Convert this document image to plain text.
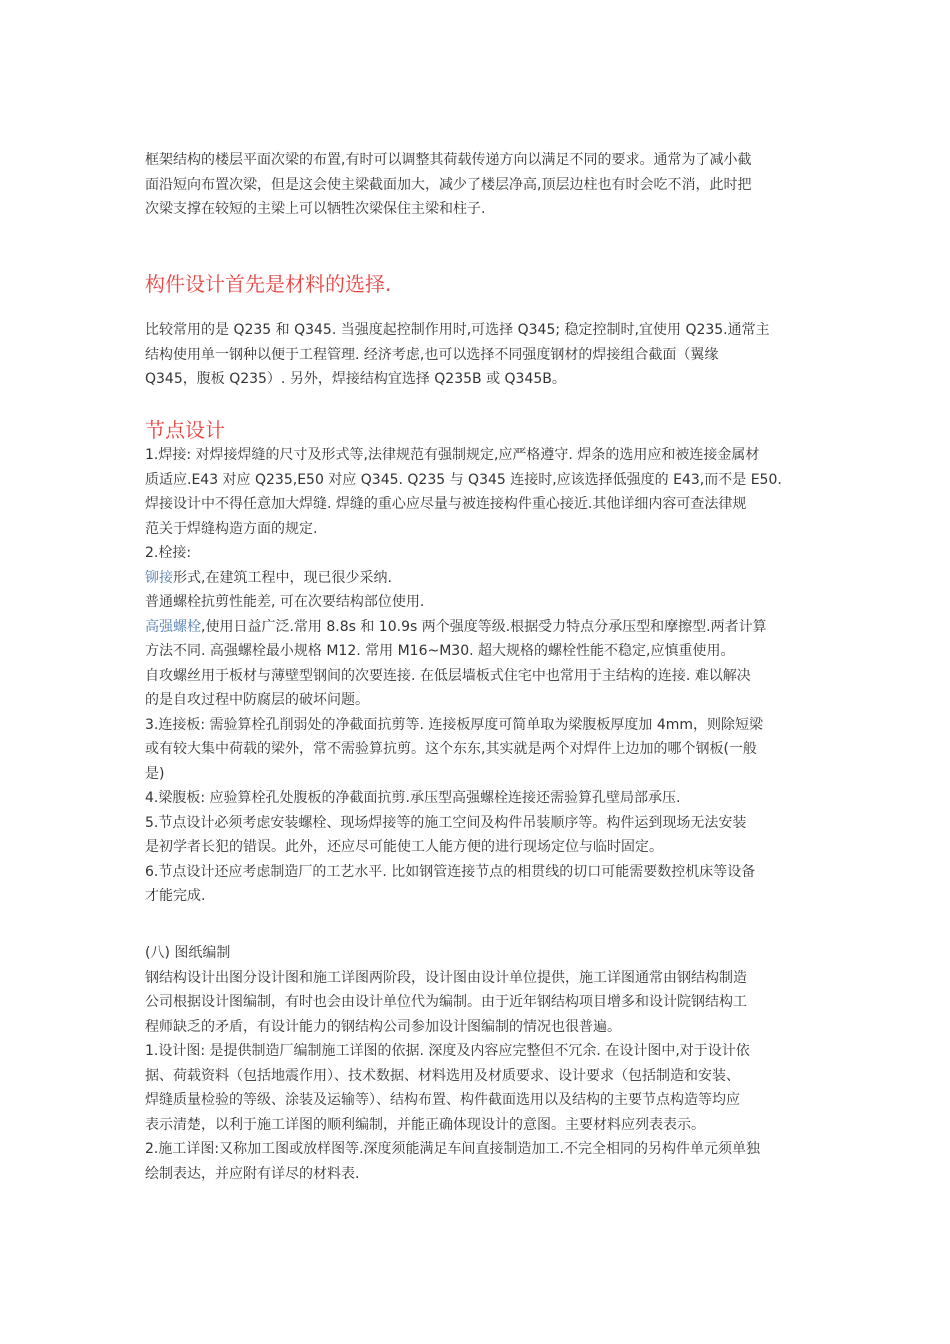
框架结构的楼层平面次梁的布置,有时可以调整其荷载传递方向以满足不同的要求。通常为了减小截
面沿短向布置次梁，但是这会使主梁截面加大，减少了楼层净高,顶层边柱也有时会吃不消，此时把
次梁支撑在较短的主梁上可以牺牲次梁保住主梁和柱子.
构件设计首先是材料的选择.
比较常用的是 Q235 和 Q345. 当强度起控制作用时,可选择 Q345; 稳定控制时,宜使用 Q235.通常主
结构使用单一钢种以便于工程管理. 经济考虑,也可以选择不同强度钢材的焊接组合截面（翼缘
Q345，腹板 Q235）. 另外，焊接结构宜选择 Q235B 或 Q345B。
节点设计
1.焊接: 对焊接焊缝的尺寸及形式等,法律规范有强制规定,应严格遵守. 焊条的选用应和被连接金属材
质适应.E43 对应 Q235,E50 对应 Q345. Q235 与 Q345 连接时,应该选择低强度的 E43,而不是 E50.
焊接设计中不得任意加大焊缝. 焊缝的重心应尽量与被连接构件重心接近.其他详细内容可查法律规
范关于焊缝构造方面的规定.
2.栓接:
铆接形式,在建筑工程中，现已很少采纳.
普通螺栓抗剪性能差, 可在次要结构部位使用.
高强螺栓,使用日益广泛.常用 8.8s 和 10.9s 两个强度等级.根据受力特点分承压型和摩擦型.两者计算
方法不同. 高强螺栓最小规格 M12. 常用 M16~M30. 超大规格的螺栓性能不稳定,应慎重使用。
自攻螺丝用于板材与薄壁型钢间的次要连接. 在低层墙板式住宅中也常用于主结构的连接. 难以解决
的是自攻过程中防腐层的破坏问题。
3.连接板: 需验算栓孔削弱处的净截面抗剪等. 连接板厚度可简单取为梁腹板厚度加 4mm，则除短梁
或有较大集中荷载的梁外，常不需验算抗剪。这个东东,其实就是两个对焊件上边加的哪个钢板(一般
是)
4.梁腹板: 应验算栓孔处腹板的净截面抗剪.承压型高强螺栓连接还需验算孔壁局部承压.
5.节点设计必须考虑安装螺栓、现场焊接等的施工空间及构件吊装顺序等。构件运到现场无法安装
是初学者长犯的错误。此外，还应尽可能使工人能方便的进行现场定位与临时固定。
6.节点设计还应考虑制造厂的工艺水平. 比如钢管连接节点的相贯线的切口可能需要数控机床等设备
才能完成.
(八) 图纸编制
钢结构设计出图分设计图和施工详图两阶段，设计图由设计单位提供，施工详图通常由钢结构制造
公司根据设计图编制，有时也会由设计单位代为编制。由于近年钢结构项目增多和设计院钢结构工
程师缺乏的矛盾，有设计能力的钢结构公司参加设计图编制的情况也很普遍。
1.设计图: 是提供制造厂编制施工详图的依据. 深度及内容应完整但不冗余. 在设计图中,对于设计依
据、荷载资料（包括地震作用）、技术数据、材料选用及材质要求、设计要求（包括制造和安装、
焊缝质量检验的等级、涂装及运输等）、结构布置、构件截面选用以及结构的主要节点构造等均应
表示清楚，以利于施工详图的顺利编制，并能正确体现设计的意图。主要材料应列表表示。
2.施工详图:又称加工图或放样图等.深度须能满足车间直接制造加工.不完全相同的另构件单元须单独
绘制表达，并应附有详尽的材料表.
